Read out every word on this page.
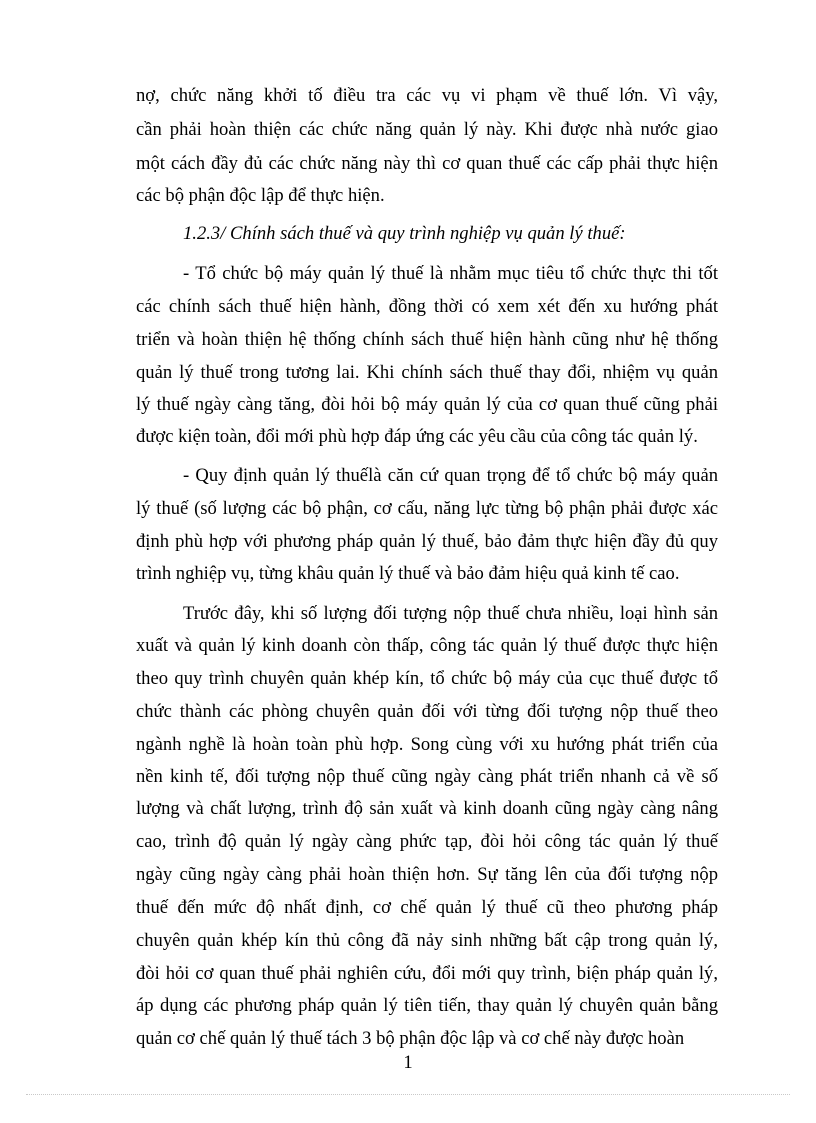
nợ, chức năng khởi tố điều tra các vụ vi phạm về thuế lớn. Vì vậy,
cần phải hoàn thiện các chức năng quản lý này. Khi được nhà nước giao
một cách đầy đủ các chức năng này thì cơ quan thuế các cấp phải thực hiện
các bộ phận độc lập để thực hiện.
1.2.3/ Chính sách thuế và quy trình nghiệp vụ quản lý thuế:
- Tổ chức bộ máy quản lý thuế là nhằm mục tiêu tổ chức thực thi tốt
các chính sách thuế hiện hành, đồng thời có xem xét đến xu hướng phát
triển và hoàn thiện hệ thống chính sách thuế hiện hành cũng như hệ thống
quản lý thuế trong tương lai. Khi chính sách thuế thay đổi, nhiệm vụ quản
lý thuế ngày càng tăng, đòi hỏi bộ máy quản lý của cơ quan thuế cũng phải
được kiện toàn, đổi mới phù hợp đáp ứng các yêu cầu của công tác quản lý.
- Quy định quản lý thuếlà căn cứ quan trọng để tổ chức bộ máy quản
lý thuế (số lượng các bộ phận, cơ cấu, năng lực từng bộ phận phải được xác
định phù hợp với phương pháp quản lý thuế, bảo đảm thực hiện đầy đủ quy
trình nghiệp vụ, từng khâu quản lý thuế và bảo đảm hiệu quả kinh tế cao.
Trước đây, khi số lượng đối tượng nộp thuế chưa nhiều, loại hình sản
xuất và quản lý kinh doanh còn thấp, công tác quản lý thuế được thực hiện
theo quy trình chuyên quản khép kín, tổ chức bộ máy của cục thuế được tổ
chức thành các phòng chuyên quản đối với từng đối tượng nộp thuế theo
ngành nghề là hoàn toàn phù hợp. Song cùng với xu hướng phát triển của
nền kinh tế, đối tượng nộp thuế cũng ngày càng phát triển nhanh cả về số
lượng và chất lượng, trình độ sản xuất và kinh doanh cũng ngày càng nâng
cao, trình độ quản lý ngày càng phức tạp, đòi hỏi công tác quản lý thuế
ngày cũng ngày càng phải hoàn thiện hơn. Sự tăng lên của đối tượng nộp
thuế đến mức độ nhất định, cơ chế quản lý thuế cũ theo phương pháp
chuyên quản khép kín thủ công đã nảy sinh những bất cập trong quản lý,
đòi hỏi cơ quan thuế phải nghiên cứu, đổi mới quy trình, biện pháp quản lý,
áp dụng các phương pháp quản lý tiên tiến, thay quản lý chuyên quản bằng
quản cơ chế quản lý thuế tách 3 bộ phận độc lập và cơ chế này được hoàn
1
